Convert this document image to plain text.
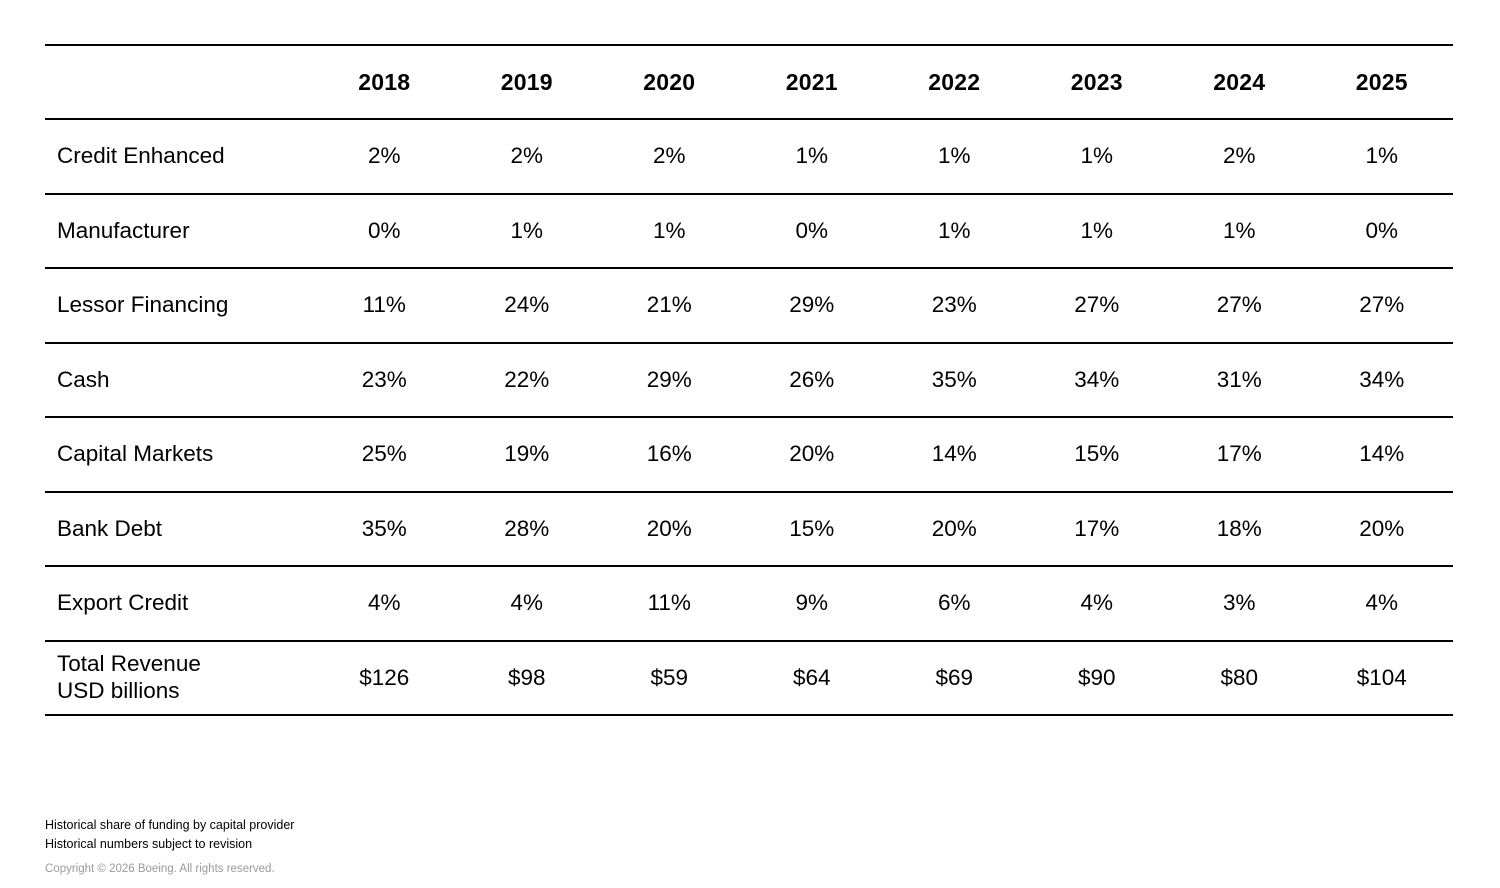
	2018	2019	2020	2021	2022	2023	2024	2025
Credit Enhanced	2%	2%	2%	1%	1%	1%	2%	1%
Manufacturer	0%	1%	1%	0%	1%	1%	1%	0%
Lessor Financing	11%	24%	21%	29%	23%	27%	27%	27%
Cash	23%	22%	29%	26%	35%	34%	31%	34%
Capital Markets	25%	19%	16%	20%	14%	15%	17%	14%
Bank Debt	35%	28%	20%	15%	20%	17%	18%	20%
Export Credit	4%	4%	11%	9%	6%	4%	3%	4%
Total Revenue
USD billions	$126	$98	$59	$64	$69	$90	$80	$104
Historical share of funding by capital provider
Historical numbers subject to revision
Copyright © 2026 Boeing. All rights reserved.
